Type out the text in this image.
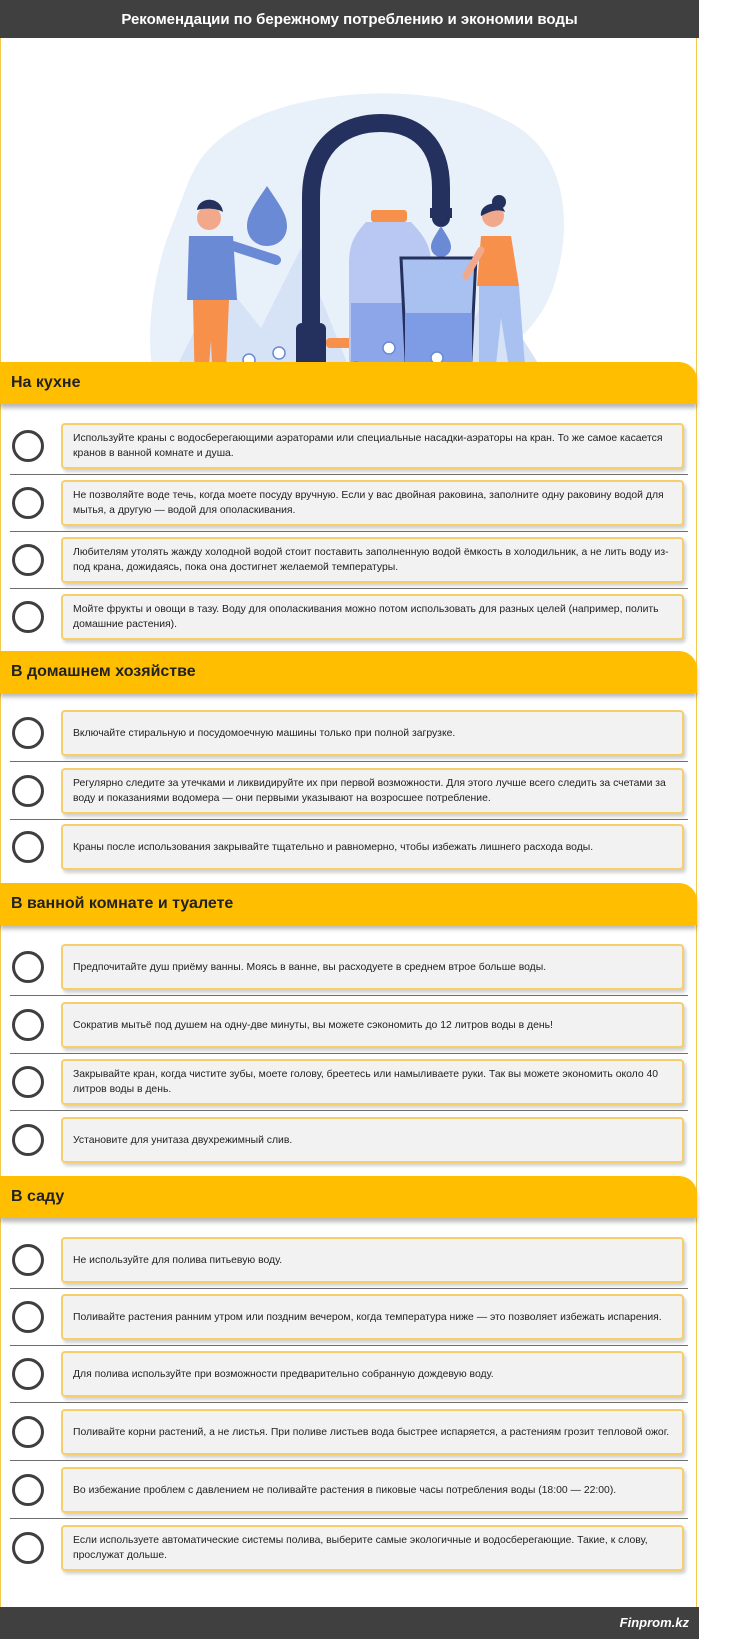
Рекомендации по бережному потреблению и экономии воды
На кухне
Используйте краны с водосберегающими аэраторами или специальные насадки-аэраторы на кран. То же самое касается кранов в ванной комнате и душа.
Не позволяйте воде течь, когда моете посуду вручную. Если у вас двойная раковина, заполните одну раковину водой для мытья, а другую — водой для ополаскивания.
Любителям утолять жажду холодной водой стоит поставить заполненную водой ёмкость в холодильник, а не лить воду из-под крана, дожидаясь, пока она достигнет желаемой температуры.
Мойте фрукты и овощи в тазу. Воду для ополаскивания можно потом использовать для разных целей (например, полить домашние растения).
В домашнем хозяйстве
Включайте стиральную и посудомоечную машины только при полной загрузке.
Регулярно следите за утечками и ликвидируйте их при первой возможности. Для этого лучше всего следить за счетами за воду и показаниями водомера — они первыми указывают на возросшее потребление.
Краны после использования закрывайте тщательно и равномерно, чтобы избежать лишнего расхода воды.
В ванной комнате и туалете
Предпочитайте душ приёму ванны. Моясь в ванне, вы расходуете в среднем втрое больше воды.
Сократив мытьё под душем на одну-две минуты, вы можете сэкономить до 12 литров воды в день!
Закрывайте кран, когда чистите зубы, моете голову, бреетесь или намыливаете руки. Так вы можете экономить около 40 литров воды в день.
Установите для унитаза двухрежимный слив.
В саду
Не используйте для полива питьевую воду.
Поливайте растения ранним утром или поздним вечером, когда температура ниже — это позволяет избежать испарения.
Для полива используйте при возможности предварительно собранную дождевую воду.
Поливайте корни растений, а не листья. При поливе листьев вода быстрее испаряется, а растениям грозит тепловой ожог.
Во избежание проблем с давлением не поливайте растения в пиковые часы потребления воды (18:00 — 22:00).
Если используете автоматические системы полива, выберите самые экологичные и водосберегающие. Такие, к слову, прослужат дольше.
Finprom.kz
